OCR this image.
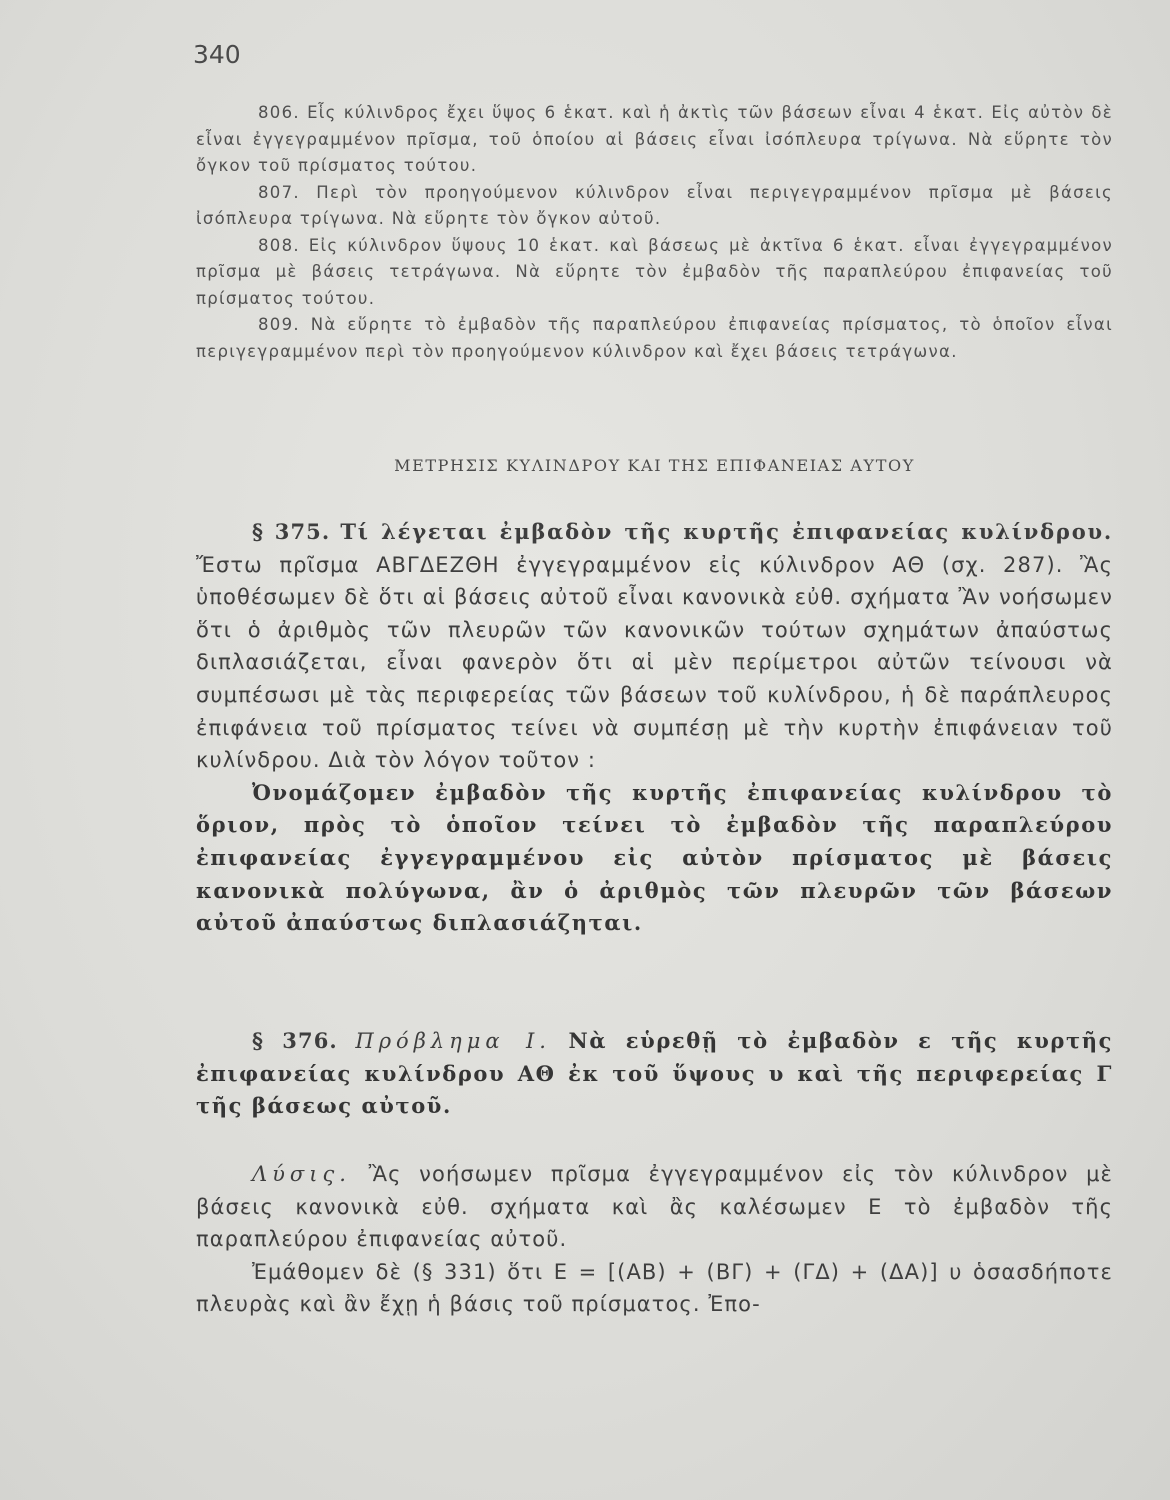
340

806. Εἷς κύλινδρος ἔχει ὕψος 6 ἑκατ. καὶ ἡ ἀκτὶς τῶν βάσεων εἶναι 4 ἑκατ. Εἰς αὐτὸν δὲ εἶναι ἐγγεγραμμένον πρῖσμα, τοῦ ὁποίου αἱ βάσεις εἶναι ἰσόπλευρα τρίγωνα. Νὰ εὕρητε τὸν ὄγκον τοῦ πρίσματος τούτου.

807. Περὶ τὸν προηγούμενον κύλινδρον εἶναι περιγεγραμμένον πρῖσμα μὲ βάσεις ἰσόπλευρα τρίγωνα. Νὰ εὕρητε τὸν ὄγκον αὐτοῦ.

808. Εἰς κύλινδρον ὕψους 10 ἑκατ. καὶ βάσεως μὲ ἀκτῖνα 6 ἑκατ. εἶναι ἐγγεγραμμένον πρῖσμα μὲ βάσεις τετράγωνα. Νὰ εὕρητε τὸν ἐμβαδὸν τῆς παραπλεύρου ἐπιφανείας τοῦ πρίσματος τούτου.

809. Νὰ εὕρητε τὸ ἐμβαδὸν τῆς παραπλεύρου ἐπιφανείας πρίσματος, τὸ ὁποῖον εἶναι περιγεγραμμένον περὶ τὸν προηγούμενον κύλινδρον καὶ ἔχει βάσεις τετράγωνα.

ΜΕΤΡΗΣΙΣ ΚΥΛΙΝΔΡΟΥ ΚΑΙ ΤΗΣ ΕΠΙΦΑΝΕΙΑΣ ΑΥΤΟΥ

§ 375. Τί λέγεται ἐμβαδὸν τῆς κυρτῆς ἐπιφανείας κυλίνδρου. Ἔστω πρῖσμα ΑΒΓΔΕΖΘΗ ἐγγεγραμμένον εἰς κύλινδρον ΑΘ (σχ. 287). Ἂς ὑποθέσωμεν δὲ ὅτι αἱ βάσεις αὐτοῦ εἶναι κανονικὰ εὐθ. σχήματα Ἂν νοήσωμεν ὅτι ὁ ἀριθμὸς τῶν πλευρῶν τῶν κανονικῶν τούτων σχημάτων ἀπαύστως διπλασιάζεται, εἶναι φανερὸν ὅτι αἱ μὲν περίμετροι αὐτῶν τείνουσι νὰ συμπέσωσι μὲ τὰς περιφερείας τῶν βάσεων τοῦ κυλίνδρου, ἡ δὲ παράπλευρος ἐπιφάνεια τοῦ πρίσματος τείνει νὰ συμπέσῃ μὲ τὴν κυρτὴν ἐπιφάνειαν τοῦ κυλίνδρου. Διὰ τὸν λόγον τοῦτον :

Ὀνομάζομεν ἐμβαδὸν τῆς κυρτῆς ἐπιφανείας κυλίνδρου τὸ ὅριον, πρὸς τὸ ὁποῖον τείνει τὸ ἐμβαδὸν τῆς παραπλεύρου ἐπιφανείας ἐγγεγραμμένου εἰς αὐτὸν πρίσματος μὲ βάσεις κανονικὰ πολύγωνα, ἂν ὁ ἀριθμὸς τῶν πλευρῶν τῶν βάσεων αὐτοῦ ἀπαύστως διπλασιάζηται.

§ 376. Πρόβλημα Ι. Νὰ εὑρεθῇ τὸ ἐμβαδὸν ε τῆς κυρτῆς ἐπιφανείας κυλίνδρου ΑΘ ἐκ τοῦ ὕψους υ καὶ τῆς περιφερείας Γ τῆς βάσεως αὐτοῦ.

Λύσις. Ἂς νοήσωμεν πρῖσμα ἐγγεγραμμένον εἰς τὸν κύλινδρον μὲ βάσεις κανονικὰ εὐθ. σχήματα καὶ ἂς καλέσωμεν Ε τὸ ἐμβαδὸν τῆς παραπλεύρου ἐπιφανείας αὐτοῦ.

Ἐμάθομεν δὲ (§ 331) ὅτι Ε = [(ΑΒ) + (ΒΓ) + (ΓΔ) + (ΔΑ)] υ ὁσασδήποτε πλευρὰς καὶ ἂν ἔχῃ ἡ βάσις τοῦ πρίσματος. Ἐπο-
